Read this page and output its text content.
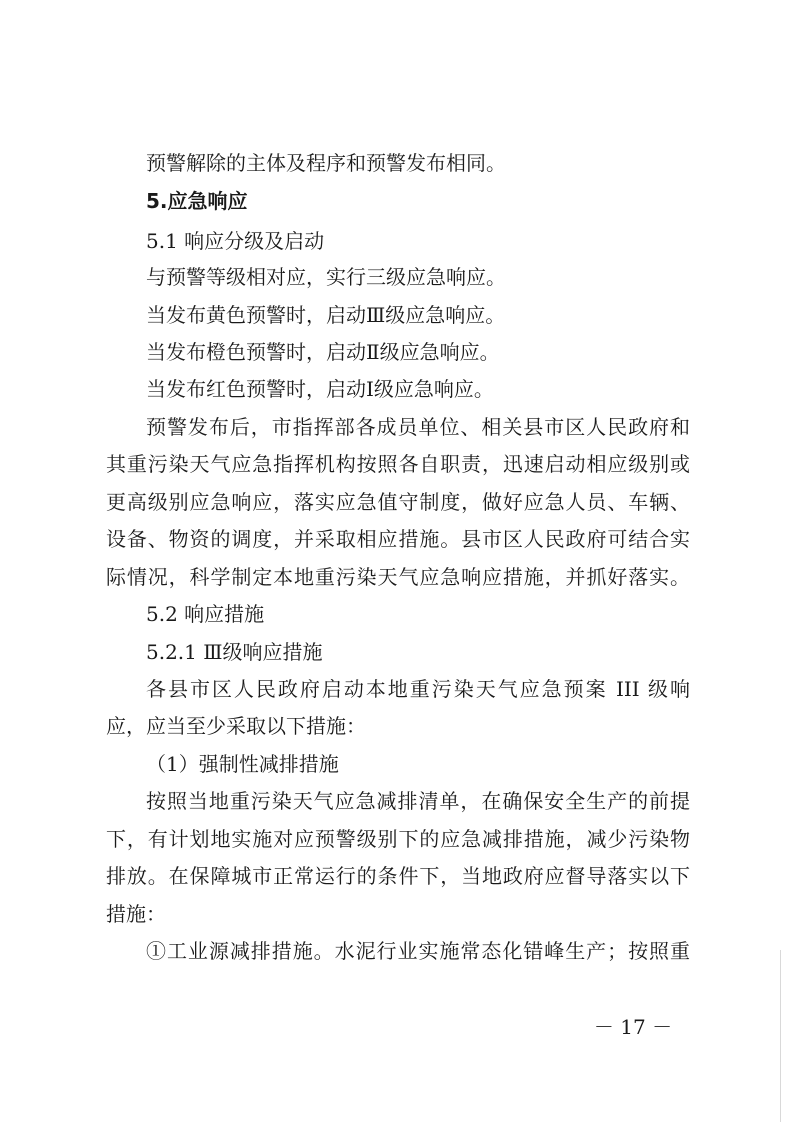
预警解除的主体及程序和预警发布相同。
5.应急响应
5.1 响应分级及启动
与预警等级相对应，实行三级应急响应。
当发布黄色预警时，启动Ⅲ级应急响应。
当发布橙色预警时，启动Ⅱ级应急响应。
当发布红色预警时，启动Ⅰ级应急响应。
预警发布后，市指挥部各成员单位、相关县市区人民政府和
其重污染天气应急指挥机构按照各自职责，迅速启动相应级别或
更高级别应急响应，落实应急值守制度，做好应急人员、车辆、
设备、物资的调度，并采取相应措施。县市区人民政府可结合实
际情况，科学制定本地重污染天气应急响应措施，并抓好落实。
5.2 响应措施
5.2.1 Ⅲ级响应措施
各县市区人民政府启动本地重污染天气应急预案 III 级响
应，应当至少采取以下措施：
（1）强制性减排措施
按照当地重污染天气应急减排清单，在确保安全生产的前提
下，有计划地实施对应预警级别下的应急减排措施，减少污染物
排放。在保障城市正常运行的条件下，当地政府应督导落实以下
措施：
①工业源减排措施。水泥行业实施常态化错峰生产；按照重
－ 17 －
